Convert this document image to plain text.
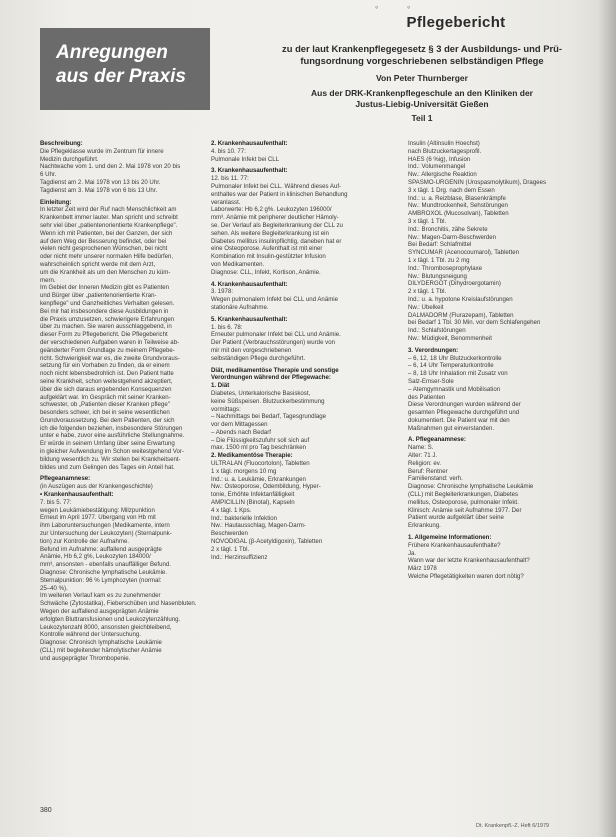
◦	◦
Anregungen
aus der Praxis
Pflegebericht
zu der laut Krankenpflegegesetz § 3 der Ausbildungs- und Prü-
fungsordnung vorgeschriebenen selbständigen Pflege
Von Peter Thurnberger
Aus der DRK-Krankenpflegeschule an den Kliniken der
Justus-Liebig-Universität Gießen
Teil 1
Beschreibung:
Die Pflegeklasse wurde im Zentrum für innere
Medizin durchgeführt.
Nachtwache vom 1. und den 2. Mai 1978 von 20 bis
6 Uhr.
Tagdienst am 2. Mai 1978 von 13 bis 20 Uhr.
Tagdienst am 3. Mai 1978 von 6 bis 13 Uhr.
Einleitung:
In letzter Zeit wird der Ruf nach Menschlichkeit am
Krankenbett immer lauter. Man spricht und schreibt
sehr viel über „patientenorientierte Krankenpflege".
Wenn ich mit Patienten, bei der Ganzen, der sich
auf dem Weg der Besserung befindet, oder bei
vielen nicht gesprochenen Wünschen, bei nicht
oder nicht mehr unserer normalen Hilfe bedürfen,
wahrscheinlich spricht werde mit dem Arzt,
um die Krankheit als um den Menschen zu küm-
mern.
Im Gebiet der Inneren Medizin gibt es Patienten
und Bürger über „patientenorientierte Kran-
kenpflege" und Ganzheitliches Verhalten gelesen.
Bei mir hat insbesondere diese Ausbildungen in
die Praxis umzusetzen, schwierigere Erfahrungen
über zu machen. Sie waren ausschlaggebend, in
dieser Form zu Pflegebericht. Die Pflegebericht
der verschiedenen Aufgaben waren in Teilweise ab-
geänderter Form Grundlage zu meinem Pflegebe-
richt. Schwierigkeit war es, die zweite Grundvoraus-
setzung für ein Vorhaben zu finden, da er einem
noch nicht lebensbedrohlich ist. Den Patient hatte
seine Krankheit, schon weitestgehend akzeptiert,
über die sich daraus ergebenden Konsequenzen
aufgeklärt war. Im Gespräch mit seiner Kranken-
schwester, ob „Patienten dieser Kranken pflege"
besonders schwer, ich bei in seine wesentlichen
Grundvoraussetzung. Bei dem Patienten, der sich
ich die folgenden beziehen, insbesondere Störungen
unter e habe, zuvor eine ausführliche Stellungnahme.
Er würde in seinem Umfang über seine Erwartung
in gleicher Aufwendung im Schon weitestgehend Vor-
bildung wesentlich zu. Wir stellen bei Krankheitsent-
bildes und zum Gelingen des Tages ein Anteil hat.
Pflegeanamnese:
(in Auszügen aus der Krankengeschichte)
• Krankenhausaufenthalt:
7. bis 5. 77:
wegen Leukämiebestätigung: Milzpunktion
Erneut im April 1977. Übergang von Hb mit
ihm Laboruntersuchungen (Medikamente, intern
zur Untersuchung der Leukozyten) (Sternalpunk-
tion) zur Kontrolle der Aufnahme.
Befund im Aufnahme: auffallend ausgeprägte
Anämie, Hb 6,2 g%, Leukozyten 184000/
mm³, ansonsten - ebenfalls unauffälliger Befund.
Diagnose: Chronische lymphatische Leukämie.
Sternalpunktion: 96 % Lymphozyten (normal:
25–40 %).
Im weiteren Verlauf kam es zu zunehmender
Schwäche (Zytostatika), Fieberschüben und Nasenbluten.
Wegen der auffallend ausgeprägten Anämie
erfolgten Bluttransfusionen und Leukozytenzählung.
Leukozytenzahl 8000, ansonsten gleichbleibend,
Kontrolle während der Untersuchung.
Diagnose: Chronisch lymphatische Leukämie
(CLL) mit begleitender hämolytischer Anämie
und ausgeprägter Thrombopenie.
2. Krankenhausaufenthalt:
4. bis 10. 77:
Pulmonale Infekt bei CLL
3. Krankenhausaufenthalt:
12. bis 11. 77:
Pulmonaler Infekt bei CLL. Während dieses Auf-
enthaltes war der Patient in klinischen Behandlung
veranlasst.
Laborwerte: Hb 6,2 g%. Leukozyten 196000/
mm³. Anämie mit peripherer deutlicher Hämoly-
se. Der Verlauf als Begleiterkrankung der CLL zu
sehen. Als weitere Begleiterkrankung ist ein
Diabetes mellitus insulinpflichtig, daneben hat er
eine Osteoporose. Aufenthalt ist mit einer
Kombination mit Insulin-gestützter Infusion
von Medikamenten.
Diagnose: CLL, Infekt, Kortison, Anämie.
4. Krankenhausaufenthalt:
3. 1978:
Wegen pulmonalem Infekt bei CLL und Anämie
stationäre Aufnahme.
5. Krankenhausaufenthalt:
1. bis 6. 78:
Erneuter pulmonaler Infekt bei CLL und Anämie.
Der Patient (Verbrauchsstörungen) wurde von
mir mit den vorgeschriebenen
selbständigen Pflege durchgeführt.
Diät, medikamentöse Therapie und sonstige
Verordnungen während der Pflegewache:
1. Diät
Diabetes, Unterkalorische Basiskost,
keine Süßspeisen. Blutzuckerbestimmung
vormittags:
– Nachmittags bei Bedarf, Tagesgrundlage
vor dem Mittagessen
– Abends nach Bedarf
– Die Flüssigkeitszufuhr soll sich auf
max. 1500 ml pro Tag beschränken
2. Medikamentöse Therapie:
ULTRALAN (Fluocortolon), Tabletten
1 x tägl. morgens 10 mg
Ind.: u. a. Leukämie, Erkrankungen
Nw.: Osteoporose, Ödembildung, Hyper-
tonie, Erhöhte Infektanfälligkeit
AMPICILLIN (Binotal), Kapseln
4 x tägl. 1 Kps.
Ind.: bakterielle Infektion
Nw.: Hautausschlag, Magen-Darm-
Beschwerden
NOVODIGAL (β-Acetyldigoxin), Tabletten
2 x tägl. 1 Tbl.
Ind.: Herzinsuffizienz
Insulin (Altinsulin Hoechst)
nach Blutzuckertagesprofil.
HAES (6 %ig), Infusion
Ind.: Volumenmangel
Nw.: Allergische Reaktion
SPASMO-URGENIN (Urospasmolytikum), Dragees
3 x tägl. 1 Drg. nach dem Essen
Ind.: u. a. Reizblase, Blasenkrämpfe
Nw.: Mundtrockenheit, Sehstörungen
AMBROXOL (Mucosolvan), Tabletten
3 x tägl. 1 Tbl.
Ind.: Bronchitis, zähe Sekrete
Nw.: Magen-Darm-Beschwerden
Bei Bedarf: Schlafmittel
SYNCUMAR (Acenocoumarol), Tabletten
1 x tägl. 1 Tbl. zu 2 mg
Ind.: Thromboseprophylaxe
Nw.: Blutungsneigung
DILYDERGOT (Dihydroergotamin)
2 x tägl. 1 Tbl.
Ind.: u. a. hypotone Kreislaufstörungen
Nw.: Übelkeit
DALMADORM (Flurazepam), Tabletten
bei Bedarf 1 Tbl. 30 Min. vor dem Schlafengehen
Ind.: Schlafstörungen
Nw.: Müdigkeit, Benommenheit
3. Verordnungen:
– 6, 12, 18 Uhr Blutzuckerkontrolle
– 6, 14 Uhr Temperaturkontrolle
– 8, 18 Uhr Inhalation mit Zusatz von
Salz-Emser-Sole
– Atemgymnastik und Mobilisation
des Patienten
Diese Verordnungen wurden während der
gesamten Pflegewache durchgeführt und
dokumentiert. Die Patient war mit den
Maßnahmen gut einverstanden.
A. Pflegeanamnese:
Name: S.
Alter: 71 J.
Religion: ev.
Beruf: Rentner
Familienstand: verh.
Diagnose: Chronische lymphatische Leukämie
(CLL) mit Begleiterkrankungen, Diabetes
mellitus, Osteoporose, pulmonaler Infekt.
Klinisch: Anämie seit Aufnahme 1977. Der
Patient wurde aufgeklärt über seine
Erkrankung.
1. Allgemeine Informationen:
Frühere Krankenhausaufenthalte?
Ja.
Wann war der letzte Krankenhausaufenthalt?
März 1978
Welche Pflegetätigkeiten waren dort nötig?
380
Dt. Krankenpfl.-Z. Heft 6/1979
